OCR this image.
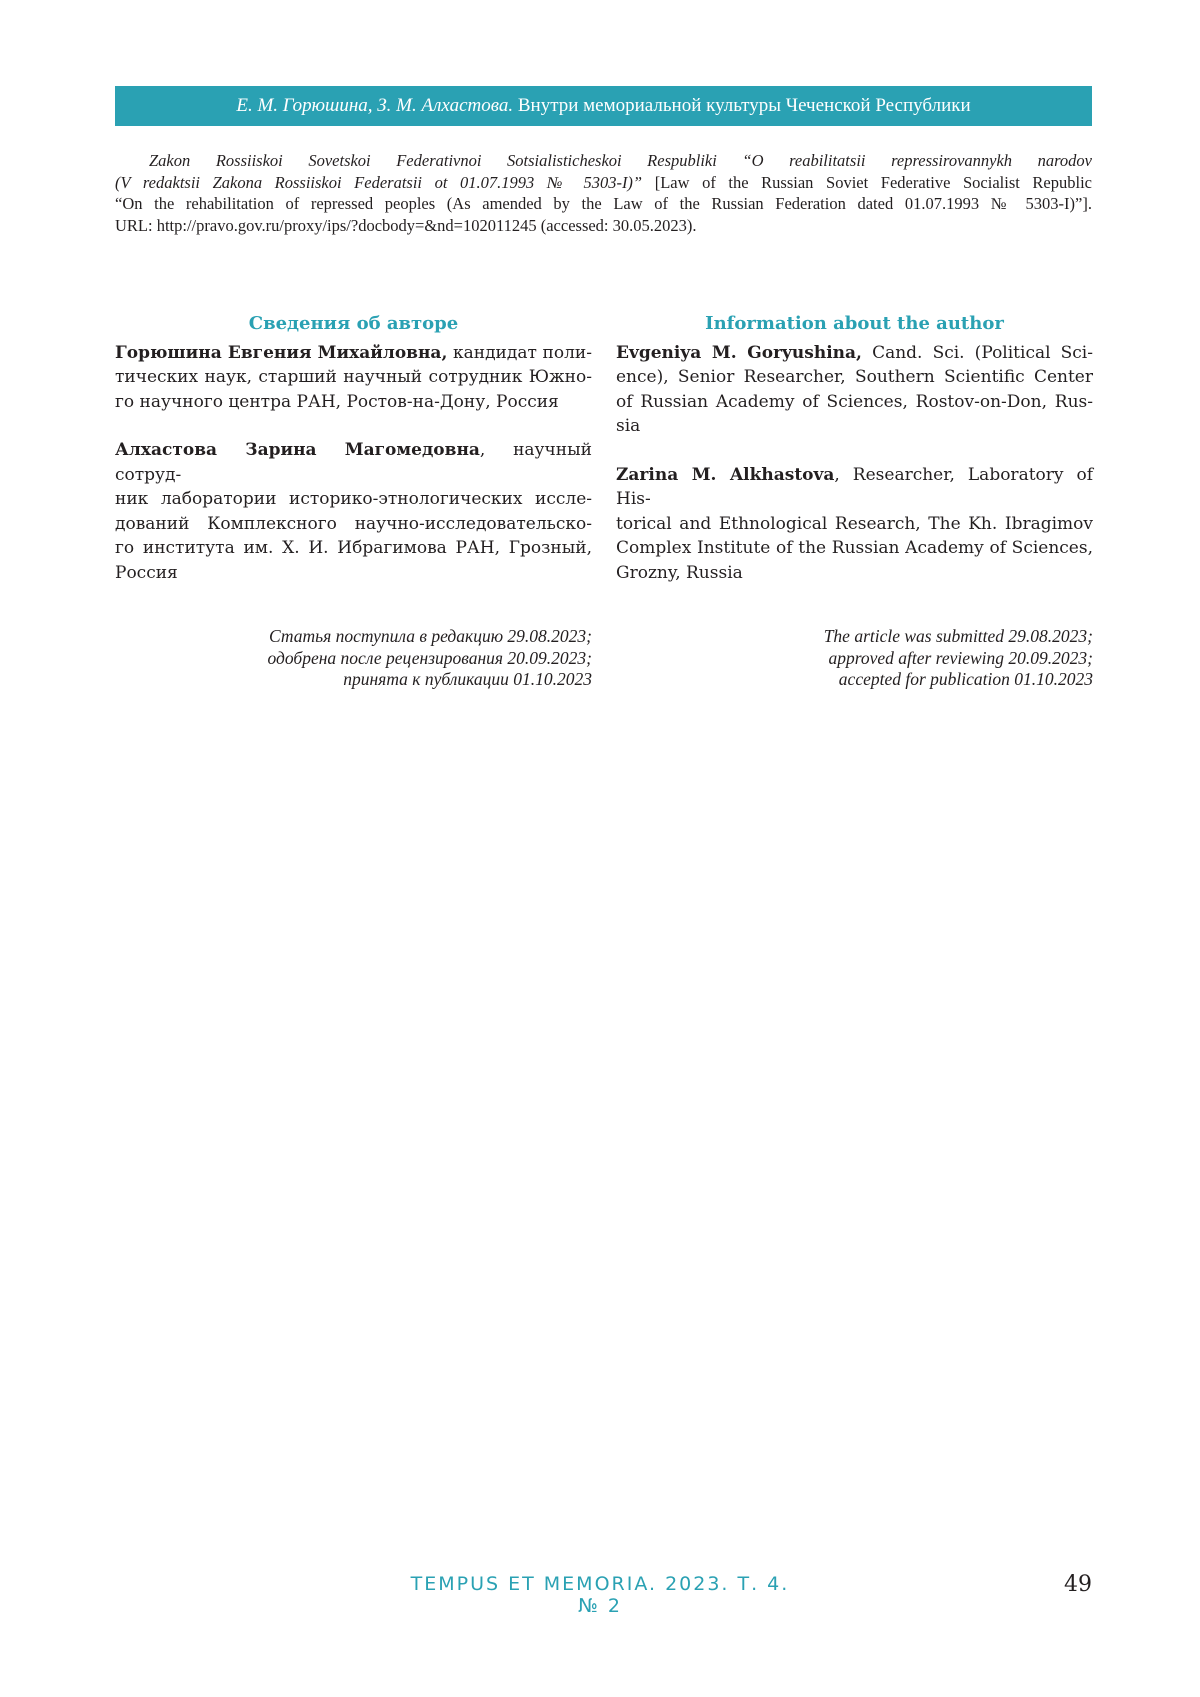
Е. М. Горюшина, З. М. Алхастова.
Внутри мемориальной культуры Чеченской Республики
Zakon Rossiiskoi Sovetskoi Federativnoi Sotsialisticheskoi Respubliki “O reabilitatsii repressirovannykh narodov
(V redaktsii Zakona Rossiiskoi Federatsii ot 01.07.1993 № 5303-I)” [Law of the Russian Soviet Federative Socialist Republic
“On the rehabilitation of repressed peoples (As amended by the Law of the Russian Federation dated 01.07.1993 № 5303-I)”].
URL: http://pravo.gov.ru/proxy/ips/?docbody=&nd=102011245 (accessed: 30.05.2023).
Сведения об авторе
Горюшина Евгения Михайловна, кандидат поли-
тических наук, старший научный сотрудник Южно-
го научного центра РАН, Ростов-на-Дону, Россия
Алхастова Зарина Магомедовна, научный сотруд-
ник лаборатории историко-этнологических иссле-
дований Комплексного научно-исследовательско-
го института им. Х. И. Ибрагимова РАН, Грозный,
Россия
Information about the author
Evgeniya M. Goryushina, Cand. Sci. (Political Sci-
ence), Senior Researcher, Southern Scientific Center
of Russian Academy of Sciences, Rostov-on-Don, Rus-
sia
Zarina M. Alkhastova, Researcher, Laboratory of His-
torical and Ethnological Research, The Kh. Ibragimov
Complex Institute of the Russian Academy of Sciences,
Grozny, Russia
Статья поступила в редакцию 29.08.2023;
одобрена после рецензирования 20.09.2023;
принята к публикации 01.10.2023
The article was submitted 29.08.2023;
approved after reviewing 20.09.2023;
accepted for publication 01.10.2023
TEMPUS ET MEMORIA. 2023. Т. 4. № 2
49
